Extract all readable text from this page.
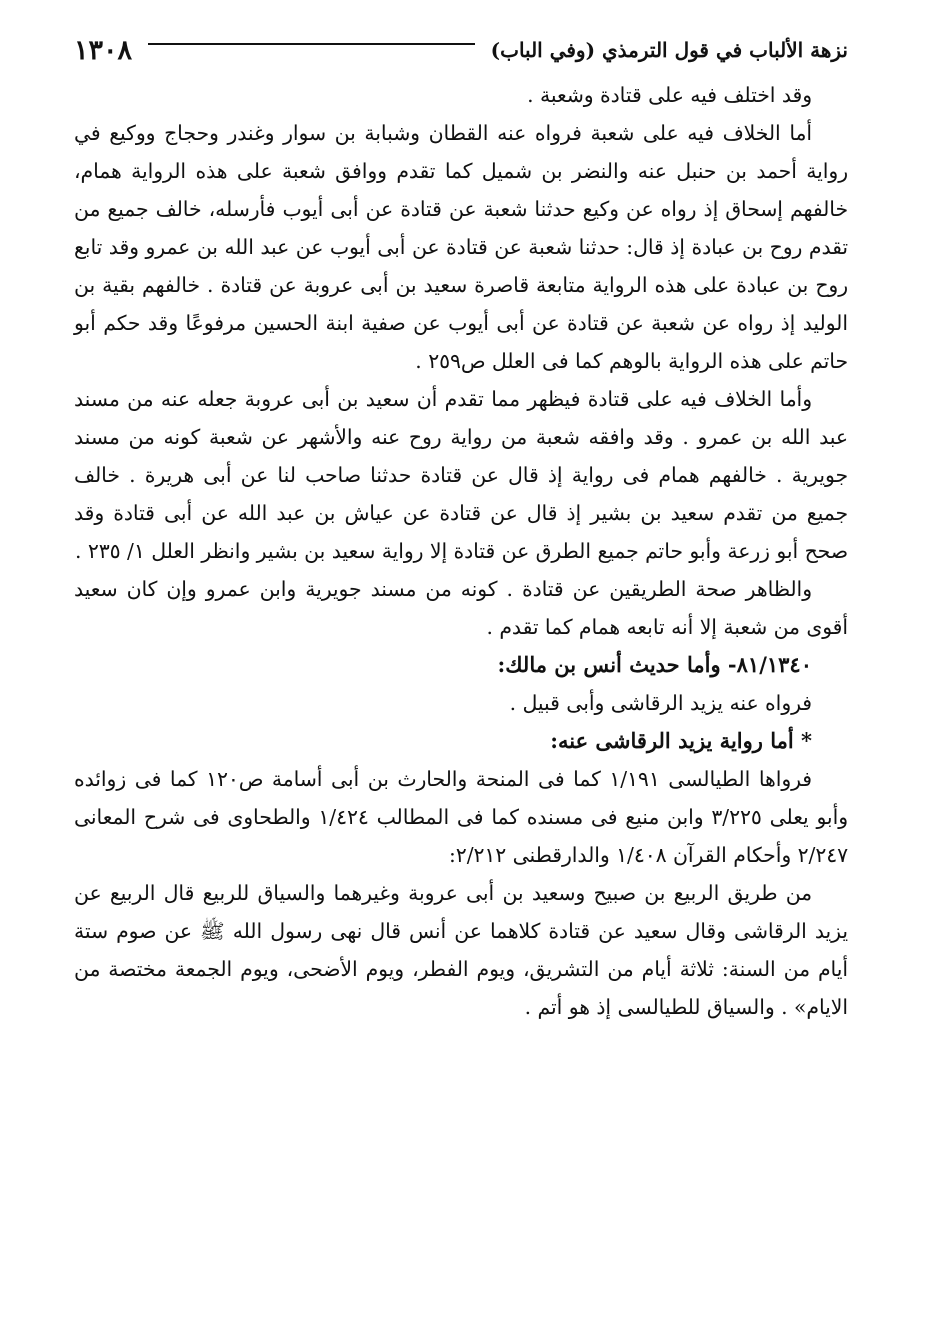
نزهة الألباب في قول الترمذي (وفي الباب)
١٣٠٨

وقد اختلف فيه على قتادة وشعبة .

أما الخلاف فيه على شعبة فرواه عنه القطان وشبابة بن سوار وغندر وحجاج ووكيع في رواية أحمد بن حنبل عنه والنضر بن شميل كما تقدم ووافق شعبة على هذه الرواية همام، خالفهم إسحاق إذ رواه عن وكيع حدثنا شعبة عن قتادة عن أبى أيوب فأرسله، خالف جميع من تقدم روح بن عبادة إذ قال: حدثنا شعبة عن قتادة عن أبى أيوب عن عبد الله بن عمرو وقد تابع روح بن عبادة على هذه الرواية متابعة قاصرة سعيد بن أبى عروبة عن قتادة . خالفهم بقية بن الوليد إذ رواه عن شعبة عن قتادة عن أبى أيوب عن صفية ابنة الحسين مرفوعًا وقد حكم أبو حاتم على هذه الرواية بالوهم كما فى العلل ص٢٥٩ .

وأما الخلاف فيه على قتادة فيظهر مما تقدم أن سعيد بن أبى عروبة جعله عنه من مسند عبد الله بن عمرو . وقد وافقه شعبة من رواية روح عنه والأشهر عن شعبة كونه من مسند جويرية . خالفهم همام فى رواية إذ قال عن قتادة حدثنا صاحب لنا عن أبى هريرة . خالف جميع من تقدم سعيد بن بشير إذ قال عن قتادة عن عياش بن عبد الله عن أبى قتادة وقد صحح أبو زرعة وأبو حاتم جميع الطرق عن قتادة إلا رواية سعيد بن بشير وانظر العلل ١/ ٢٣٥ .

والظاهر صحة الطريقين عن قتادة . كونه من مسند جويرية وابن عمرو وإن كان سعيد أقوى من شعبة إلا أنه تابعه همام كما تقدم .

٨١/١٣٤٠- وأما حديث أنس بن مالك:

فرواه عنه يزيد الرقاشى وأبى قبيل .

* أما رواية يزيد الرقاشى عنه:

فرواها الطيالسى ١/١٩١ كما فى المنحة والحارث بن أبى أسامة ص١٢٠ كما فى زوائده وأبو يعلى ٣/٢٢٥ وابن منيع فى مسنده كما فى المطالب ١/٤٢٤ والطحاوى فى شرح المعانى ٢/٢٤٧ وأحكام القرآن ١/٤٠٨ والدارقطنى ٢/٢١٢:

من طريق الربيع بن صبيح وسعيد بن أبى عروبة وغيرهما والسياق للربيع قال الربيع عن يزيد الرقاشى وقال سعيد عن قتادة كلاهما عن أنس قال نهى رسول الله ﷺ عن صوم ستة أيام من السنة: ثلاثة أيام من التشريق، ويوم الفطر، ويوم الأضحى، ويوم الجمعة مختصة من الايام» . والسياق للطيالسى إذ هو أتم .
